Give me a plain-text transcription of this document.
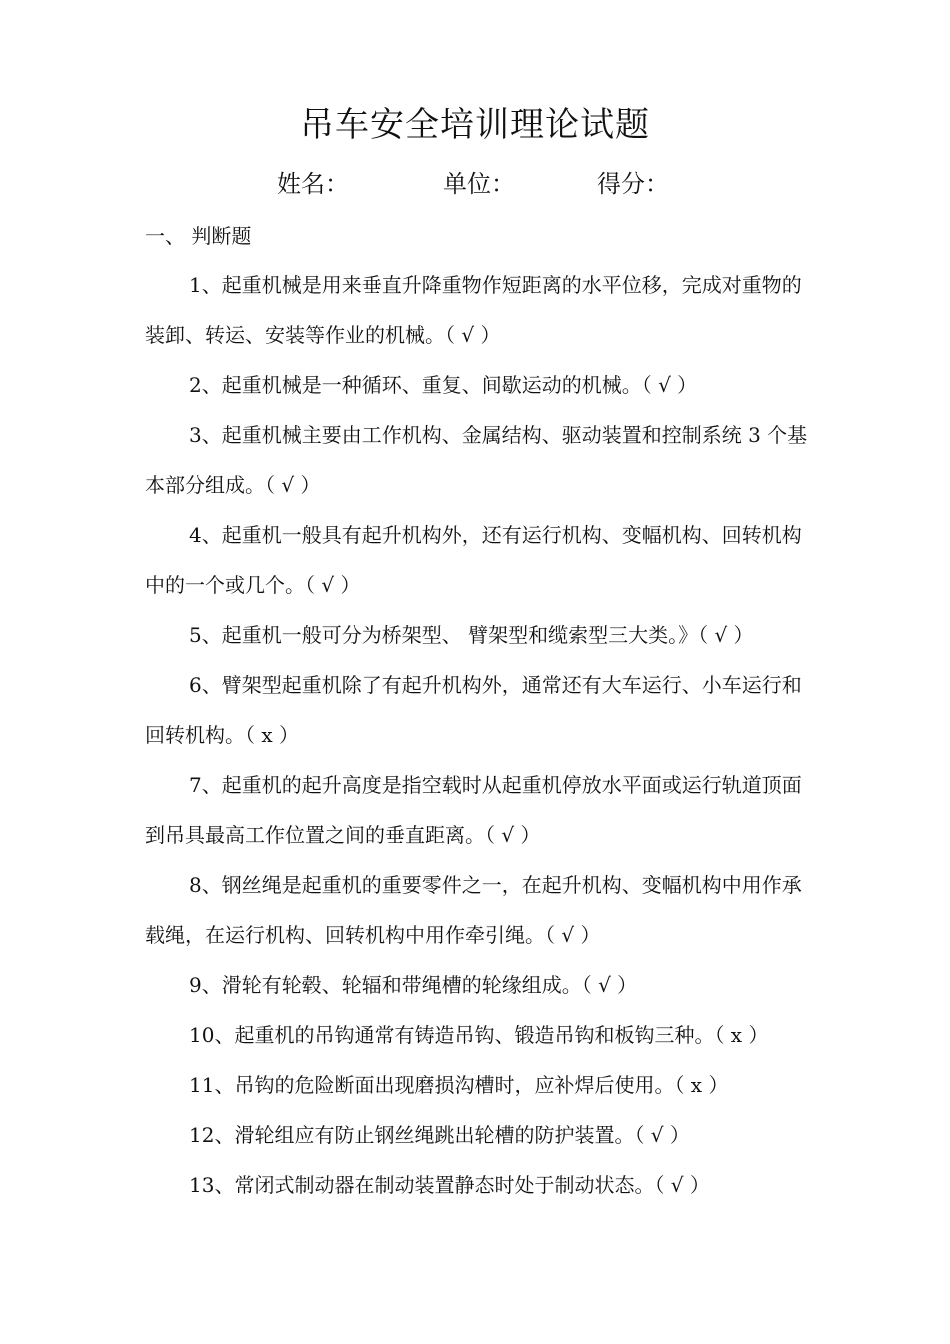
吊车安全培训理论试题
姓名：	单位：	得分：
一、 判断题
1、起重机械是用来垂直升降重物作短距离的水平位移，完成对重物的装卸、转运、安装等作业的机械。（ √ ）
2、起重机械是一种循环、重复、间歇运动的机械。（ √ ）
3、起重机械主要由工作机构、金属结构、驱动装置和控制系统 3 个基本部分组成。（ √ ）
4、起重机一般具有起升机构外，还有运行机构、变幅机构、回转机构中的一个或几个。（ √ ）
5、起重机一般可分为桥架型、 臂架型和缆索型三大类。》（ √ ）
6、臂架型起重机除了有起升机构外，通常还有大车运行、小车运行和回转机构。（ x ）
7、起重机的起升高度是指空载时从起重机停放水平面或运行轨道顶面到吊具最高工作位置之间的垂直距离。（ √ ）
8、钢丝绳是起重机的重要零件之一，在起升机构、变幅机构中用作承载绳，在运行机构、回转机构中用作牵引绳。（ √ ）
9、滑轮有轮毂、轮辐和带绳槽的轮缘组成。（ √ ）
10、起重机的吊钩通常有铸造吊钩、锻造吊钩和板钩三种。（ x ）
11、吊钩的危险断面出现磨损沟槽时，应补焊后使用。（ x ）
12、滑轮组应有防止钢丝绳跳出轮槽的防护装置。（ √ ）
13、常闭式制动器在制动装置静态时处于制动状态。（ √ ）
